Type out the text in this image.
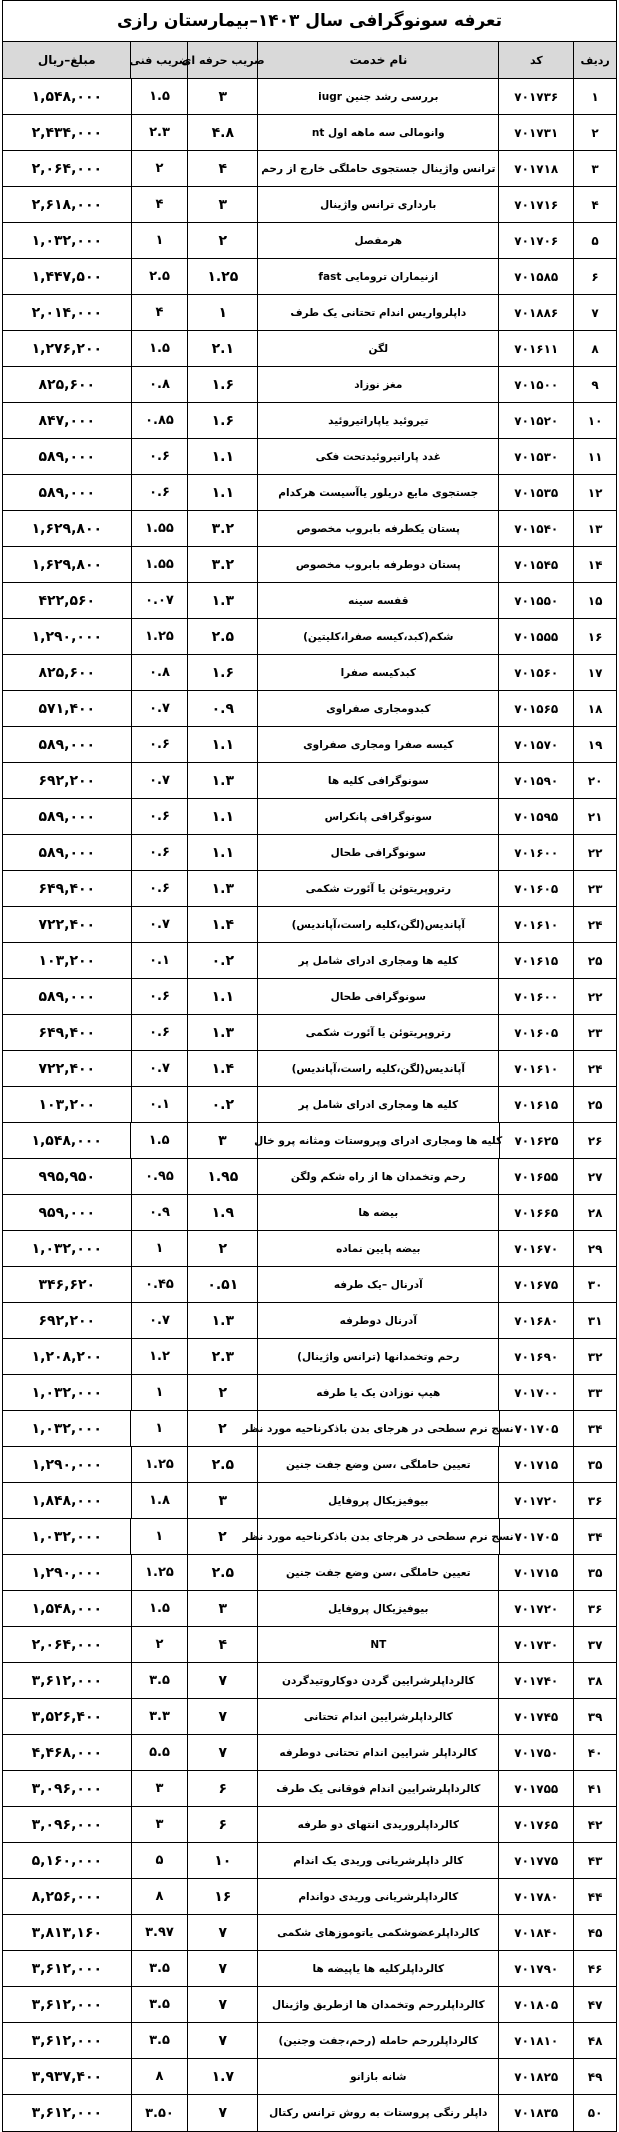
تعرفه سونوگرافی سال ۱۴۰۳–بیمارستان رازی
ردیف
کد
نام خدمت
ضریب حرفه ای
ضریب فنی
مبلغ–ریال
۱
۷۰۱۷۳۶
بررسی رشد جنین iugr
۳
۱.۵
۱,۵۴۸,۰۰۰
۲
۷۰۱۷۳۱
وانومالی سه ماهه اول nt
۴.۸
۲.۳
۲,۴۳۴,۰۰۰
۳
۷۰۱۷۱۸
ترانس واژینال جستجوی حاملگی خارج از رحم
۴
۲
۲,۰۶۴,۰۰۰
۴
۷۰۱۷۱۶
بارداری ترانس واژینال
۳
۴
۲,۶۱۸,۰۰۰
۵
۷۰۱۷۰۶
هرمفصل
۲
۱
۱,۰۳۲,۰۰۰
۶
۷۰۱۵۸۵
ازنیماران ترومایی fast
۱.۲۵
۲.۵
۱,۴۴۷,۵۰۰
۷
۷۰۱۸۸۶
داپلرواریس اندام تحتانی یک طرف
۱
۴
۲,۰۱۴,۰۰۰
۸
۷۰۱۶۱۱
لگن
۲.۱
۱.۵
۱,۲۷۶,۲۰۰
۹
۷۰۱۵۰۰
مغز نوزاد
۱.۶
۰.۸
۸۲۵,۶۰۰
۱۰
۷۰۱۵۲۰
تیروئید یاپاراتیروئید
۱.۶
۰.۸۵
۸۴۷,۰۰۰
۱۱
۷۰۱۵۳۰
غدد پاراتیروئیدتحت فکی
۱.۱
۰.۶
۵۸۹,۰۰۰
۱۲
۷۰۱۵۳۵
جستجوی مایع دریلور یاآسیست هرکدام
۱.۱
۰.۶
۵۸۹,۰۰۰
۱۳
۷۰۱۵۴۰
پستان یکطرفه بابروب مخصوص
۳.۲
۱.۵۵
۱,۶۲۹,۸۰۰
۱۴
۷۰۱۵۴۵
پستان دوطرفه بابروب مخصوص
۳.۲
۱.۵۵
۱,۶۲۹,۸۰۰
۱۵
۷۰۱۵۵۰
قفسه سینه
۱.۳
۰.۰۷
۴۲۲,۵۶۰
۱۶
۷۰۱۵۵۵
شکم(کبد،کیسه صفرا،کلیتین)
۲.۵
۱.۲۵
۱,۲۹۰,۰۰۰
۱۷
۷۰۱۵۶۰
کبدکیسه صفرا
۱.۶
۰.۸
۸۲۵,۶۰۰
۱۸
۷۰۱۵۶۵
کبدومجاری صفراوی
۰.۹
۰.۷
۵۷۱,۴۰۰
۱۹
۷۰۱۵۷۰
کیسه صفرا ومجاری صفراوی
۱.۱
۰.۶
۵۸۹,۰۰۰
۲۰
۷۰۱۵۹۰
سونوگرافی کلیه ها
۱.۳
۰.۷
۶۹۲,۲۰۰
۲۱
۷۰۱۵۹۵
سونوگرافی پانکراس
۱.۱
۰.۶
۵۸۹,۰۰۰
۲۲
۷۰۱۶۰۰
سونوگرافی طحال
۱.۱
۰.۶
۵۸۹,۰۰۰
۲۳
۷۰۱۶۰۵
رتروپریتوئن یا آئورت شکمی
۱.۳
۰.۶
۶۴۹,۴۰۰
۲۴
۷۰۱۶۱۰
آپاندیس(لگن،کلیه راست،آپاندیس)
۱.۴
۰.۷
۷۲۲,۴۰۰
۲۵
۷۰۱۶۱۵
کلیه ها ومجاری ادرای شامل پر
۰.۲
۰.۱
۱۰۳,۲۰۰
۲۲
۷۰۱۶۰۰
سونوگرافی طحال
۱.۱
۰.۶
۵۸۹,۰۰۰
۲۳
۷۰۱۶۰۵
رتروپریتوئن یا آئورت شکمی
۱.۳
۰.۶
۶۴۹,۴۰۰
۲۴
۷۰۱۶۱۰
آپاندیس(لگن،کلیه راست،آپاندیس)
۱.۴
۰.۷
۷۲۲,۴۰۰
۲۵
۷۰۱۶۱۵
کلیه ها ومجاری ادرای شامل پر
۰.۲
۰.۱
۱۰۳,۲۰۰
۲۶
۷۰۱۶۲۵
کلیه ها ومجاری ادرای وپروستات ومثانه پرو خال
۳
۱.۵
۱,۵۴۸,۰۰۰
۲۷
۷۰۱۶۵۵
رحم وتخمدان ها از راه شکم ولگن
۱.۹۵
۰.۹۵
۹۹۵,۹۵۰
۲۸
۷۰۱۶۶۵
بیضه ها
۱.۹
۰.۹
۹۵۹,۰۰۰
۲۹
۷۰۱۶۷۰
بیضه پایین نماده
۲
۱
۱,۰۳۲,۰۰۰
۳۰
۷۰۱۶۷۵
آدرنال –یک طرفه
۰.۵۱
۰.۴۵
۳۴۶,۶۲۰
۳۱
۷۰۱۶۸۰
آدرنال دوطرفه
۱.۳
۰.۷
۶۹۲,۲۰۰
۳۲
۷۰۱۶۹۰
رحم وتخمدانها (ترانس واژینال)
۲.۳
۱.۲
۱,۲۰۸,۲۰۰
۳۳
۷۰۱۷۰۰
هیپ نوزادن یک یا طرفه
۲
۱
۱,۰۳۲,۰۰۰
۳۴
۷۰۱۷۰۵
نسج نرم سطحی در هرجای بدن باذکرناحیه مورد نظر
۲
۱
۱,۰۳۲,۰۰۰
۳۵
۷۰۱۷۱۵
تعیین حاملگی ،سن وضع جفت جنین
۲.۵
۱.۲۵
۱,۲۹۰,۰۰۰
۳۶
۷۰۱۷۲۰
بیوفیزیکال پروفایل
۳
۱.۸
۱,۸۴۸,۰۰۰
۳۴
۷۰۱۷۰۵
نسج نرم سطحی در هرجای بدن باذکرناحیه مورد نظر
۲
۱
۱,۰۳۲,۰۰۰
۳۵
۷۰۱۷۱۵
تعیین حاملگی ،سن وضع جفت جنین
۲.۵
۱.۲۵
۱,۲۹۰,۰۰۰
۳۶
۷۰۱۷۲۰
بیوفیزیکال پروفایل
۳
۱.۵
۱,۵۴۸,۰۰۰
۳۷
۷۰۱۷۳۰
NT
۴
۲
۲,۰۶۴,۰۰۰
۳۸
۷۰۱۷۴۰
کالرداپلرشرایین گردن دوکاروتیدگردن
۷
۳.۵
۳,۶۱۲,۰۰۰
۳۹
۷۰۱۷۴۵
کالرداپلرشرایین اندام تحتانی
۷
۳.۳
۳,۵۲۶,۴۰۰
۴۰
۷۰۱۷۵۰
کالرداپلر شرایین اندام تحتانی دوطرفه
۷
۵.۵
۴,۴۶۸,۰۰۰
۴۱
۷۰۱۷۵۵
کالرداپلرشرایین اندام فوقانی یک طرف
۶
۳
۳,۰۹۶,۰۰۰
۴۲
۷۰۱۷۶۵
کالرداپلروریدی انتهای دو طرفه
۶
۳
۳,۰۹۶,۰۰۰
۴۳
۷۰۱۷۷۵
کالر داپلرشریانی وریدی یک اندام
۱۰
۵
۵,۱۶۰,۰۰۰
۴۴
۷۰۱۷۸۰
کالرداپلرشریانی وریدی دواندام
۱۶
۸
۸,۲۵۶,۰۰۰
۴۵
۷۰۱۸۴۰
کالرداپلرعضوشکمی یاتوموزهای شکمی
۷
۳.۹۷
۳,۸۱۳,۱۶۰
۴۶
۷۰۱۷۹۰
کالرداپلرکلیه ها یاپیضه ها
۷
۳.۵
۳,۶۱۲,۰۰۰
۴۷
۷۰۱۸۰۵
کالرداپلررحم وتخمدان ها ازطریق واژینال
۷
۳.۵
۳,۶۱۲,۰۰۰
۴۸
۷۰۱۸۱۰
کالرداپلررحم حامله (رحم،جفت وجنین)
۷
۳.۵
۳,۶۱۲,۰۰۰
۴۹
۷۰۱۸۲۵
شانه بازانو
۱.۷
۸
۳,۹۳۷,۴۰۰
۵۰
۷۰۱۸۳۵
داپلر رنگی پروستات به روش ترانس رکتال
۷
۳.۵۰
۳,۶۱۲,۰۰۰
